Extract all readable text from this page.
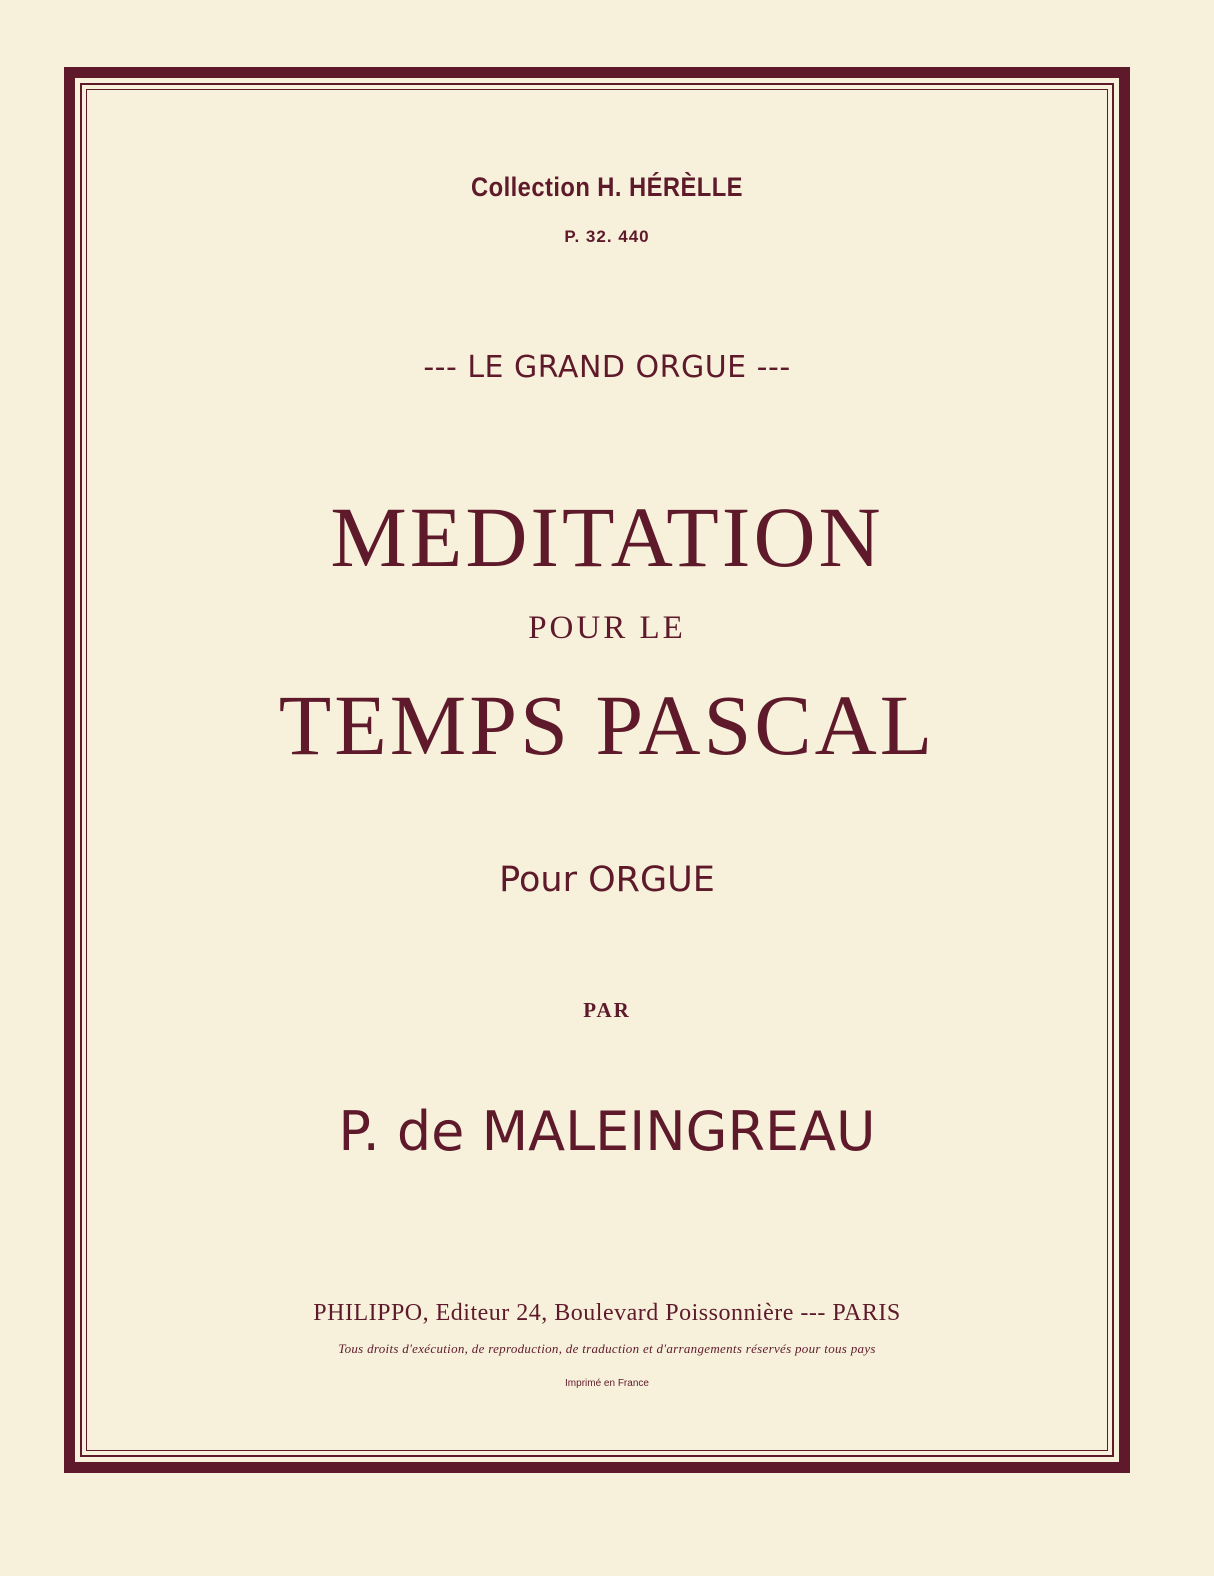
Collection H. HÉRÈLLE
P. 32. 440
--- LE GRAND ORGUE ---
MEDITATION
POUR LE
TEMPS PASCAL
Pour ORGUE
PAR
P. de MALEINGREAU
PHILIPPO, Editeur 24, Boulevard Poissonnière --- PARIS
Tous droits d'exécution, de reproduction, de traduction et d'arrangements réservés pour tous pays
Imprimé en France
